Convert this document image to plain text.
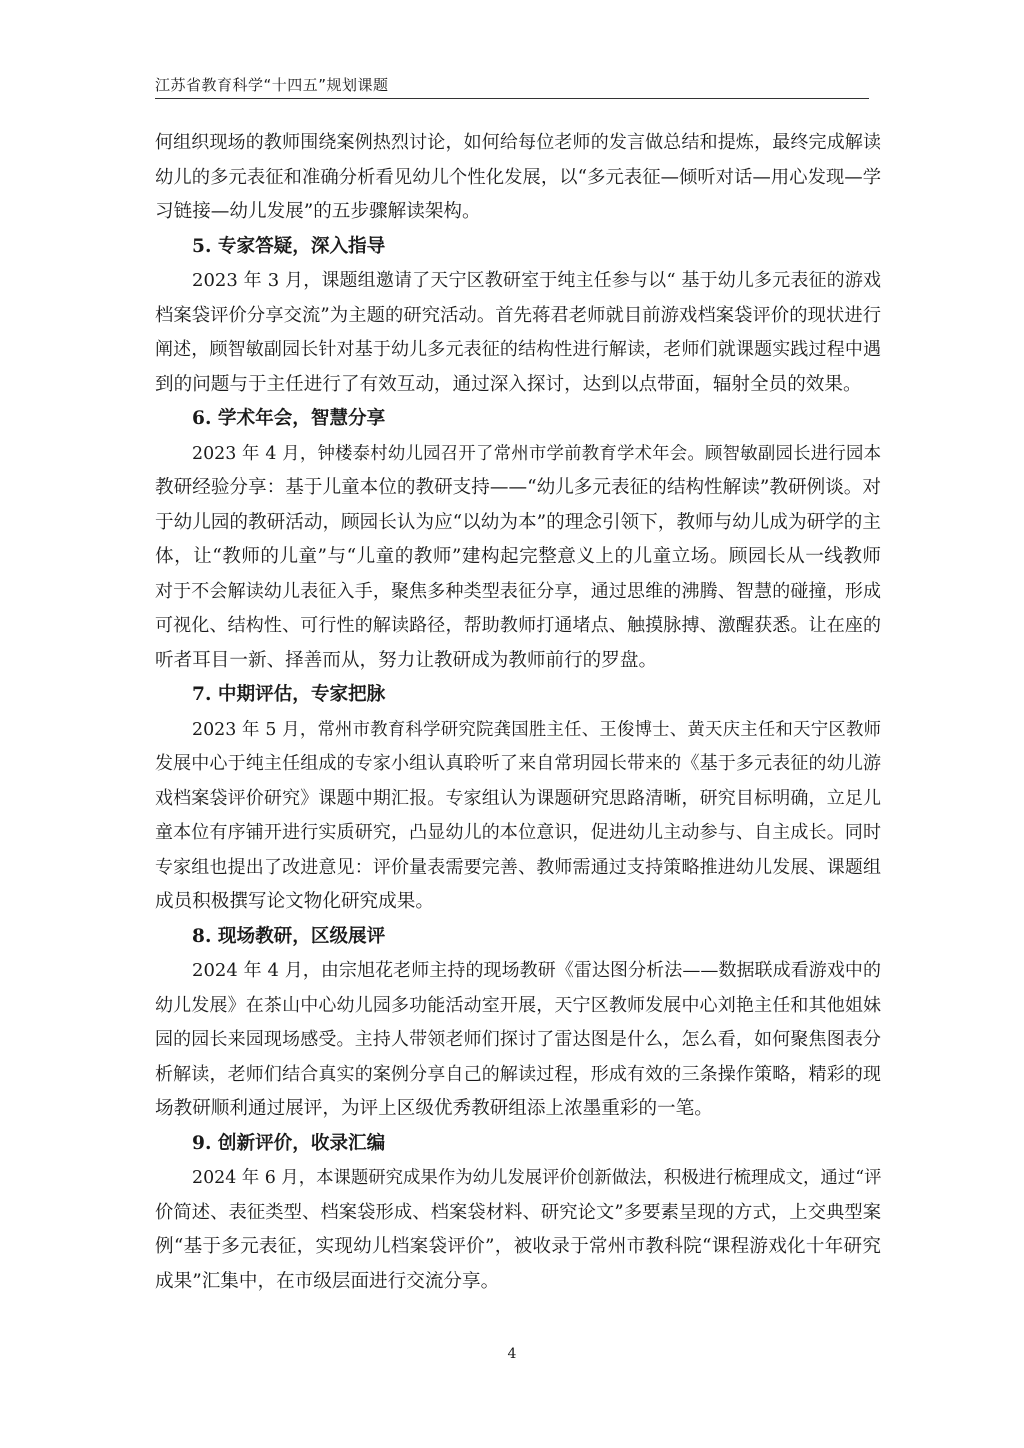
江苏省教育科学“十四五”规划课题
何组织现场的教师围绕案例热烈讨论，如何给每位老师的发言做总结和提炼，最终完成解读
幼儿的多元表征和准确分析看见幼儿个性化发展，以“多元表征—倾听对话—用心发现—学
习链接—幼儿发展”的五步骤解读架构。
5. 专家答疑，深入指导
2023 年 3 月，课题组邀请了天宁区教研室于纯主任参与以“ 基于幼儿多元表征的游戏
档案袋评价分享交流”为主题的研究活动。首先蒋君老师就目前游戏档案袋评价的现状进行
阐述，顾智敏副园长针对基于幼儿多元表征的结构性进行解读，老师们就课题实践过程中遇
到的问题与于主任进行了有效互动，通过深入探讨，达到以点带面，辐射全员的效果。
6. 学术年会，智慧分享
2023 年 4 月，钟楼泰村幼儿园召开了常州市学前教育学术年会。顾智敏副园长进行园本
教研经验分享：基于儿童本位的教研支持——“幼儿多元表征的结构性解读”教研例谈。对
于幼儿园的教研活动，顾园长认为应“以幼为本”的理念引领下，教师与幼儿成为研学的主
体，让“教师的儿童”与“儿童的教师”建构起完整意义上的儿童立场。顾园长从一线教师
对于不会解读幼儿表征入手，聚焦多种类型表征分享，通过思维的沸腾、智慧的碰撞，形成
可视化、结构性、可行性的解读路径，帮助教师打通堵点、触摸脉搏、激醒获悉。让在座的
听者耳目一新、择善而从，努力让教研成为教师前行的罗盘。
7. 中期评估，专家把脉
2023 年 5 月，常州市教育科学研究院龚国胜主任、王俊博士、黄天庆主任和天宁区教师
发展中心于纯主任组成的专家小组认真聆听了来自常玥园长带来的《基于多元表征的幼儿游
戏档案袋评价研究》课题中期汇报。专家组认为课题研究思路清晰，研究目标明确，立足儿
童本位有序铺开进行实质研究，凸显幼儿的本位意识，促进幼儿主动参与、自主成长。同时
专家组也提出了改进意见：评价量表需要完善、教师需通过支持策略推进幼儿发展、课题组
成员积极撰写论文物化研究成果。
8. 现场教研，区级展评
2024 年 4 月，由宗旭花老师主持的现场教研《雷达图分析法——数据联成看游戏中的
幼儿发展》在茶山中心幼儿园多功能活动室开展，天宁区教师发展中心刘艳主任和其他姐妹
园的园长来园现场感受。主持人带领老师们探讨了雷达图是什么，怎么看，如何聚焦图表分
析解读，老师们结合真实的案例分享自己的解读过程，形成有效的三条操作策略，精彩的现
场教研顺利通过展评，为评上区级优秀教研组添上浓墨重彩的一笔。
9. 创新评价，收录汇编
2024 年 6 月，本课题研究成果作为幼儿发展评价创新做法，积极进行梳理成文，通过“评
价简述、表征类型、档案袋形成、档案袋材料、研究论文”多要素呈现的方式，上交典型案
例“基于多元表征，实现幼儿档案袋评价”，被收录于常州市教科院“课程游戏化十年研究
成果”汇集中，在市级层面进行交流分享。
4
